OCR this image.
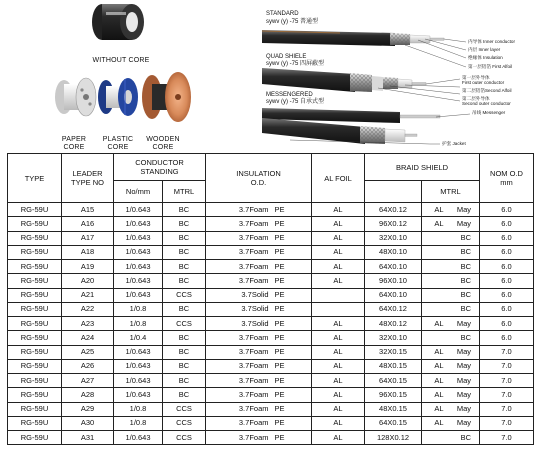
WITHOUT CORE
PAPER
CORE
PLASTIC
CORE
WOODEN
CORE
STANDARD
sywv (y) -75 普通型
QUAD SHIELE
sywv (y) -75 四屏蔽型
MESSENGERED
sywv (y) -75 自承式型
内导体 Inner conductor
内层 Inner layer
绝缘体 Insulation
第一层铝箔 First Alfoil
第一层外导体
First outer conductor
第二层铝箔Second Alfoil
第二层外导体
Second outer conductor
吊线 Messenger
护套 Jacket
TYPE	LEADER
TYPE NO	CONDUCTOR
STANDING		INSULATION
O.D.		AL FOIL	BRAID SHIELD			NOM O.D
mm
		No/mm	MTRL					MTRL		
RG-59U	A15	1/0.643	BC	3.7Foam	PE	AL	64X0.12	AL	May	6.0
RG-59U	A16	1/0.643	BC	3.7Foam	PE	AL	96X0.12	AL	May	6.0
RG-59U	A17	1/0.643	BC	3.7Foam	PE	AL	32X0.10		BC	6.0
RG-59U	A18	1/0.643	BC	3.7Foam	PE	AL	48X0.10		BC	6.0
RG-59U	A19	1/0.643	BC	3.7Foam	PE	AL	64X0.10		BC	6.0
RG-59U	A20	1/0.643	BC	3.7Foam	PE	AL	96X0.10		BC	6.0
RG-59U	A21	1/0.643	CCS	3.7Solid	PE		64X0.10		BC	6.0
RG-59U	A22	1/0.8	BC	3.7Solid	PE		64X0.12		BC	6.0
RG-59U	A23	1/0.8	CCS	3.7Solid	PE	AL	48X0.12	AL	May	6.0
RG-59U	A24	1/0.4	BC	3.7Foam	PE	AL	32X0.10		BC	6.0
RG-59U	A25	1/0.643	BC	3.7Foam	PE	AL	32X0.15	AL	May	7.0
RG-59U	A26	1/0.643	BC	3.7Foam	PE	AL	48X0.15	AL	May	7.0
RG-59U	A27	1/0.643	BC	3.7Foam	PE	AL	64X0.15	AL	May	7.0
RG-59U	A28	1/0.643	BC	3.7Foam	PE	AL	96X0.15	AL	May	7.0
RG-59U	A29	1/0.8	CCS	3.7Foam	PE	AL	48X0.15	AL	May	7.0
RG-59U	A30	1/0.8	CCS	3.7Foam	PE	AL	64X0.15	AL	May	7.0
RG-59U	A31	1/0.643	CCS	3.7Foam	PE	AL	128X0.12		BC	7.0
